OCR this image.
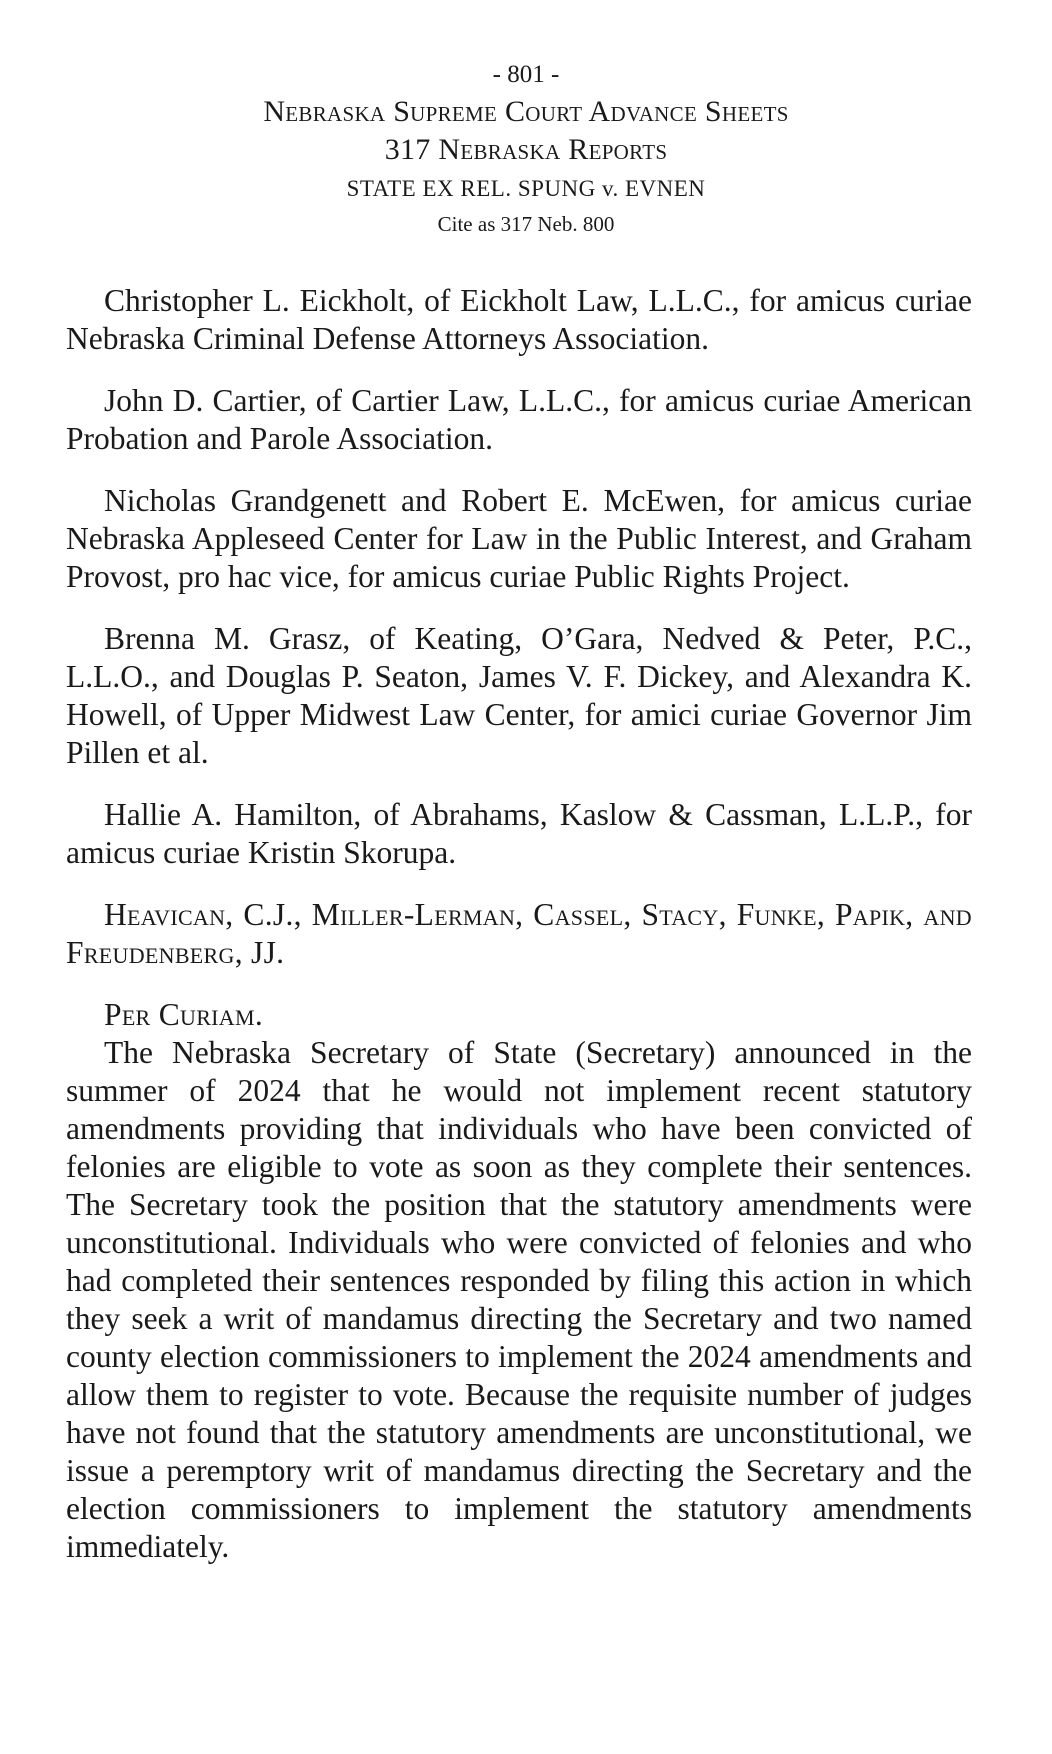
- 801 -
Nebraska Supreme Court Advance Sheets
317 Nebraska Reports
STATE EX REL. SPUNG v. EVNEN
Cite as 317 Neb. 800

Christopher L. Eickholt, of Eickholt Law, L.L.C., for amicus curiae Nebraska Criminal Defense Attorneys Association.

John D. Cartier, of Cartier Law, L.L.C., for amicus curiae American Probation and Parole Association.

Nicholas Grandgenett and Robert E. McEwen, for amicus curiae Nebraska Appleseed Center for Law in the Public Interest, and Graham Provost, pro hac vice, for amicus curiae Public Rights Project.

Brenna M. Grasz, of Keating, O’Gara, Nedved & Peter, P.C., L.L.O., and Douglas P. Seaton, James V. F. Dickey, and Alexandra K. Howell, of Upper Midwest Law Center, for amici curiae Governor Jim Pillen et al.

Hallie A. Hamilton, of Abrahams, Kaslow & Cassman, L.L.P., for amicus curiae Kristin Skorupa.

Heavican, C.J., Miller-Lerman, Cassel, Stacy, Funke, Papik, and Freudenberg, JJ.

Per Curiam.

The Nebraska Secretary of State (Secretary) announced in the summer of 2024 that he would not implement recent statutory amendments providing that individuals who have been convicted of felonies are eligible to vote as soon as they complete their sentences. The Secretary took the position that the statutory amendments were unconstitutional. Individuals who were convicted of felonies and who had completed their sentences responded by filing this action in which they seek a writ of mandamus directing the Secretary and two named county election commissioners to implement the 2024 amendments and allow them to register to vote. Because the requisite number of judges have not found that the statutory amendments are unconstitutional, we issue a peremptory writ of mandamus directing the Secretary and the election commissioners to implement the statutory amendments immediately.
